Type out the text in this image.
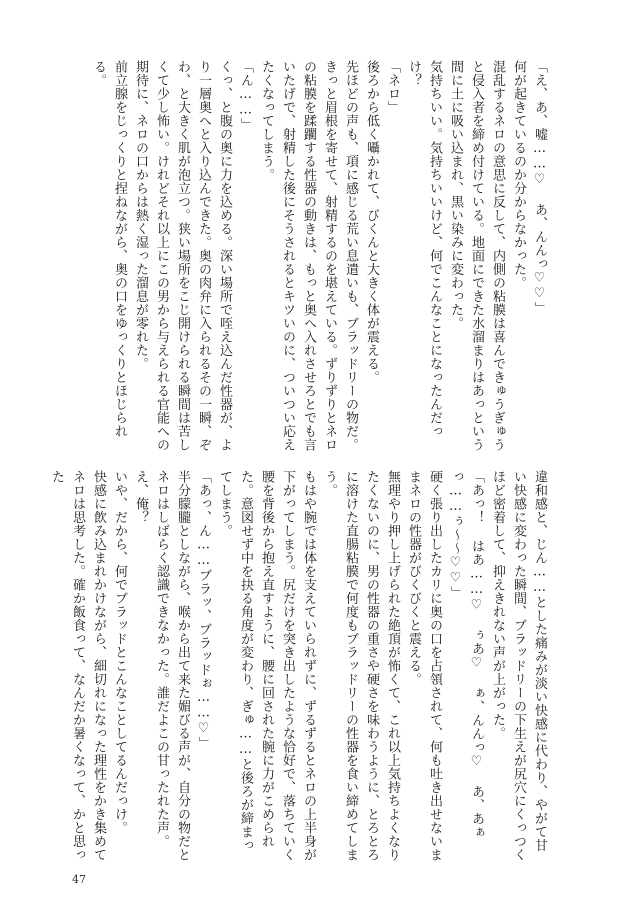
「え、あ、嘘……♡ あ、んんっ♡♡」

何が起きているのか分からなかった。

混乱するネロの意思に反して、内側の粘膜は喜んできゅうぎゅうと侵入者を締め付けている。地面にできた水溜まりはあっという間に土に吸い込まれ、黒い染みに変わった。

気持ちいい。気持ちいいけど、何でこんなことになったんだっけ？

「ネロ」

後ろから低く囁かれて、びくんと大きく体が震える。

先ほどの声も、項に感じる荒い息遣いも、ブラッドリーの物だ。

きっと眉根を寄せて、射精するのを堪えている。ずりずりとネロの粘膜を蹂躙する性器の動きは、もっと奥へ入れさせろとでも言いたげで、射精した後にそうされるとキツいのに、ついつい応えたくなってしまう。

「ん……」

くっ、と腹の奥に力を込める。深い場所で咥え込んだ性器が、より一層奥へと入り込んできた。奥の肉弁に入られるその一瞬、ぞわ、と大きく肌が泡立つ。狭い場所をこじ開けられる瞬間は苦しくて少し怖い。けれどそれ以上にこの男から与えられる官能への期待に、ネロの口からは熱く湿った溜息が零れた。

前立腺をじっくりと捏ねながら、奥の口をゆっくりとほじられる。

違和感と、じん……とした痛みが淡い快感に代わり、やがて甘い快感に変わった瞬間、ブラッドリーの下生えが尻穴にくっつくほど密着して、抑えきれない声が上がった。

「あっ！ はあ……♡ ぅあ♡ ぁ、んんっ♡ あ、あぁっ……ぅ～～♡♡」

硬く張り出したカリに奥の口を占領されて、何も吐き出せないままネロの性器がびくびくと震える。

無理やり押し上げられた絶頂が怖くて、これ以上気持ちよくなりたくないのに、男の性器の重さや硬さを味わうように、とろとろに溶けた直腸粘膜で何度もブラッドリーの性器を食い締めてしまう。

もはや腕では体を支えていられずに、ずるずるとネロの上半身が下がってしまう。尻だけを突き出したような恰好で、落ちていく腰を背後から抱え直すように、腰に回された腕に力がこめられた。意図せず中を抉る角度が変わり、ぎゅ……と後ろが締まってしまう。

「あっ、ん……ブラッ、ブラッドぉ……♡」

半分朦朧としながら、喉から出て来た媚びる声が、自分の物だとネロはしばらく認識できなかった。誰だよこの甘ったれた声。え、俺？

いや、だから、何でブラッドとこんなことしてるんだっけ。

快感に飲み込まれかけながら、細切れになった理性をかき集めてネロは思考した。確か飯食って、なんだか暑くなって、かと思った

47
